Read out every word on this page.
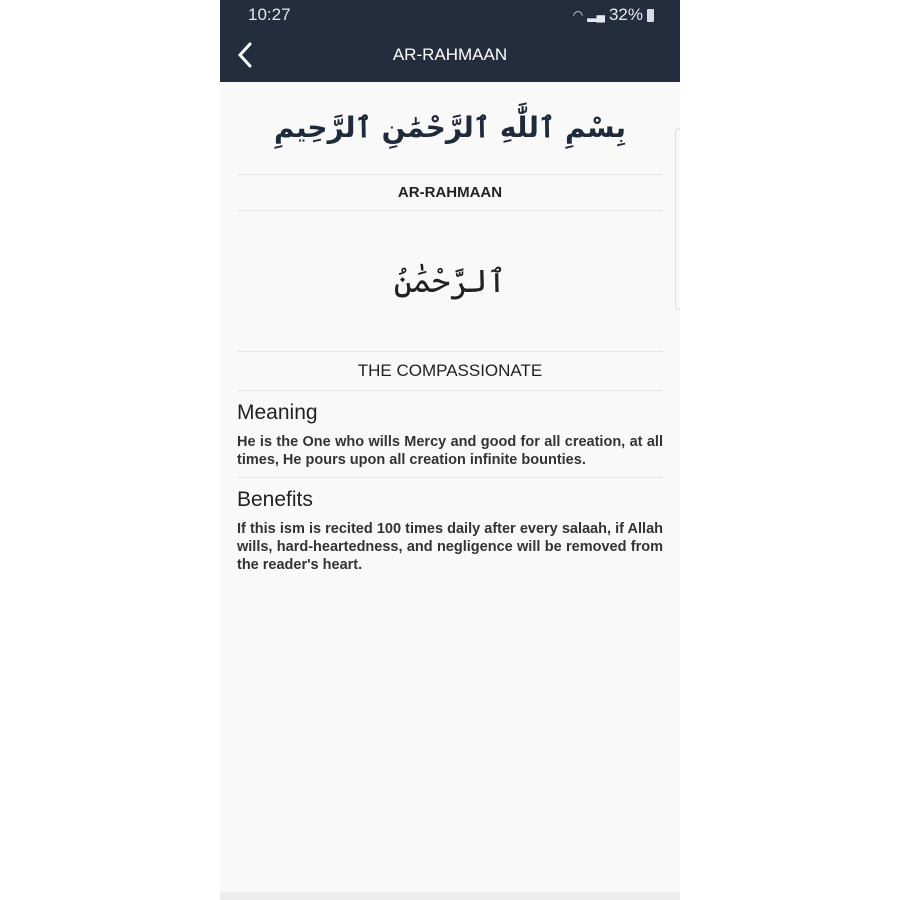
10:27	◠ ▂▄ 32%
AR-RAHMAAN
بِسْمِ ٱللَّٰهِ ٱلرَّحْمَٰنِ ٱلرَّحِيمِ
AR-RAHMAAN
ٱلرَّحْمَٰنُ
THE COMPASSIONATE
Meaning

He is the One who wills Mercy and good for all creation, at all times, He pours upon all creation infinite bounties.

Benefits

If this ism is recited 100 times daily after every salaah, if Allah wills, hard-heartedness, and negligence will be removed from the reader's heart.
